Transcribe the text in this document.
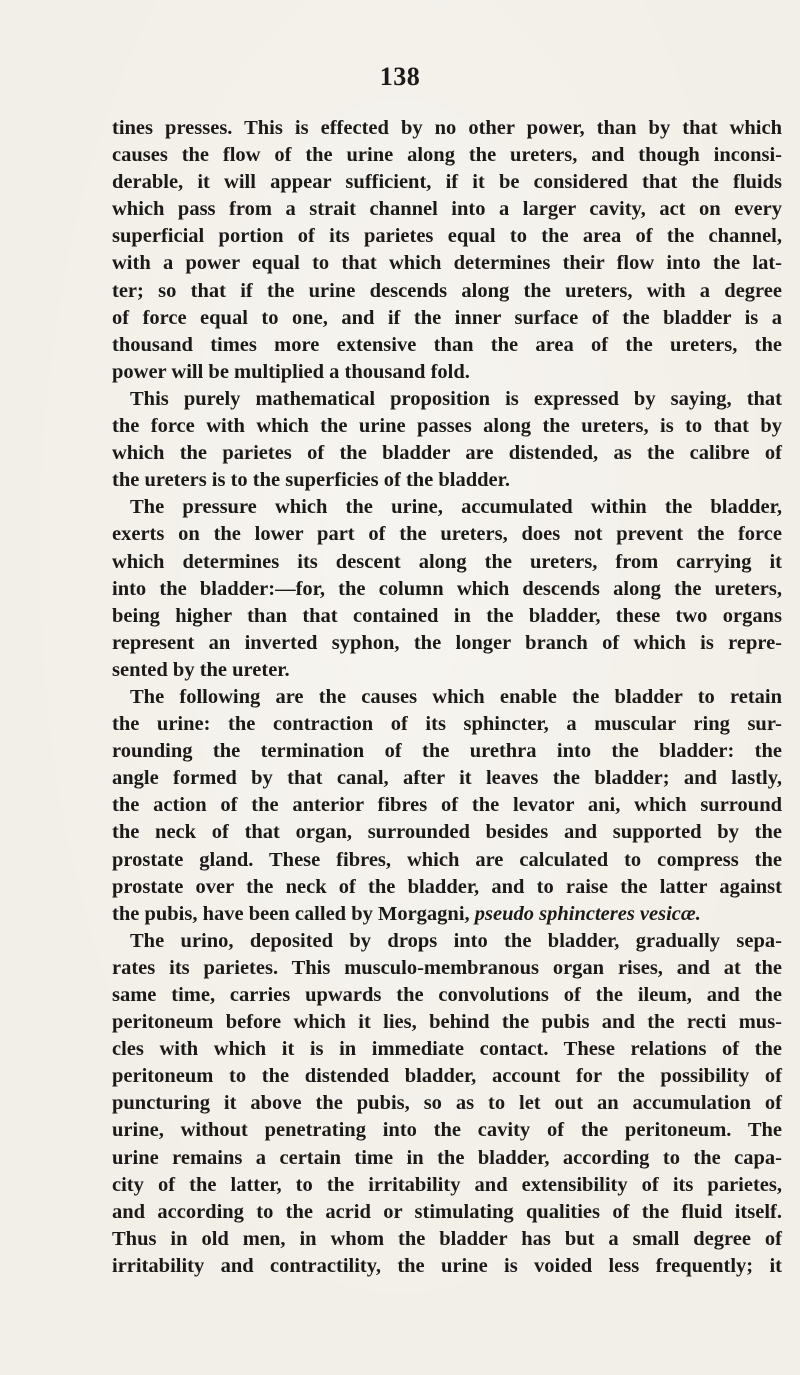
138
tines presses. This is effected by no other power, than by that which
causes the flow of the urine along the ureters, and though inconsi-
derable, it will appear sufficient, if it be considered that the fluids
which pass from a strait channel into a larger cavity, act on every
superficial portion of its parietes equal to the area of the channel,
with a power equal to that which determines their flow into the lat-
ter; so that if the urine descends along the ureters, with a degree
of force equal to one, and if the inner surface of the bladder is a
thousand times more extensive than the area of the ureters, the
power will be multiplied a thousand fold.
This purely mathematical proposition is expressed by saying, that
the force with which the urine passes along the ureters, is to that by
which the parietes of the bladder are distended, as the calibre of
the ureters is to the superficies of the bladder.
The pressure which the urine, accumulated within the bladder,
exerts on the lower part of the ureters, does not prevent the force
which determines its descent along the ureters, from carrying it
into the bladder:—for, the column which descends along the ureters,
being higher than that contained in the bladder, these two organs
represent an inverted syphon, the longer branch of which is repre-
sented by the ureter.
The following are the causes which enable the bladder to retain
the urine: the contraction of its sphincter, a muscular ring sur-
rounding the termination of the urethra into the bladder: the
angle formed by that canal, after it leaves the bladder; and lastly,
the action of the anterior fibres of the levator ani, which surround
the neck of that organ, surrounded besides and supported by the
prostate gland. These fibres, which are calculated to compress the
prostate over the neck of the bladder, and to raise the latter against
the pubis, have been called by Morgagni, pseudo sphincteres vesicæ.
The urino, deposited by drops into the bladder, gradually sepa-
rates its parietes. This musculo-membranous organ rises, and at the
same time, carries upwards the convolutions of the ileum, and the
peritoneum before which it lies, behind the pubis and the recti mus-
cles with which it is in immediate contact. These relations of the
peritoneum to the distended bladder, account for the possibility of
puncturing it above the pubis, so as to let out an accumulation of
urine, without penetrating into the cavity of the peritoneum. The
urine remains a certain time in the bladder, according to the capa-
city of the latter, to the irritability and extensibility of its parietes,
and according to the acrid or stimulating qualities of the fluid itself.
Thus in old men, in whom the bladder has but a small degree of
irritability and contractility, the urine is voided less frequently; it
